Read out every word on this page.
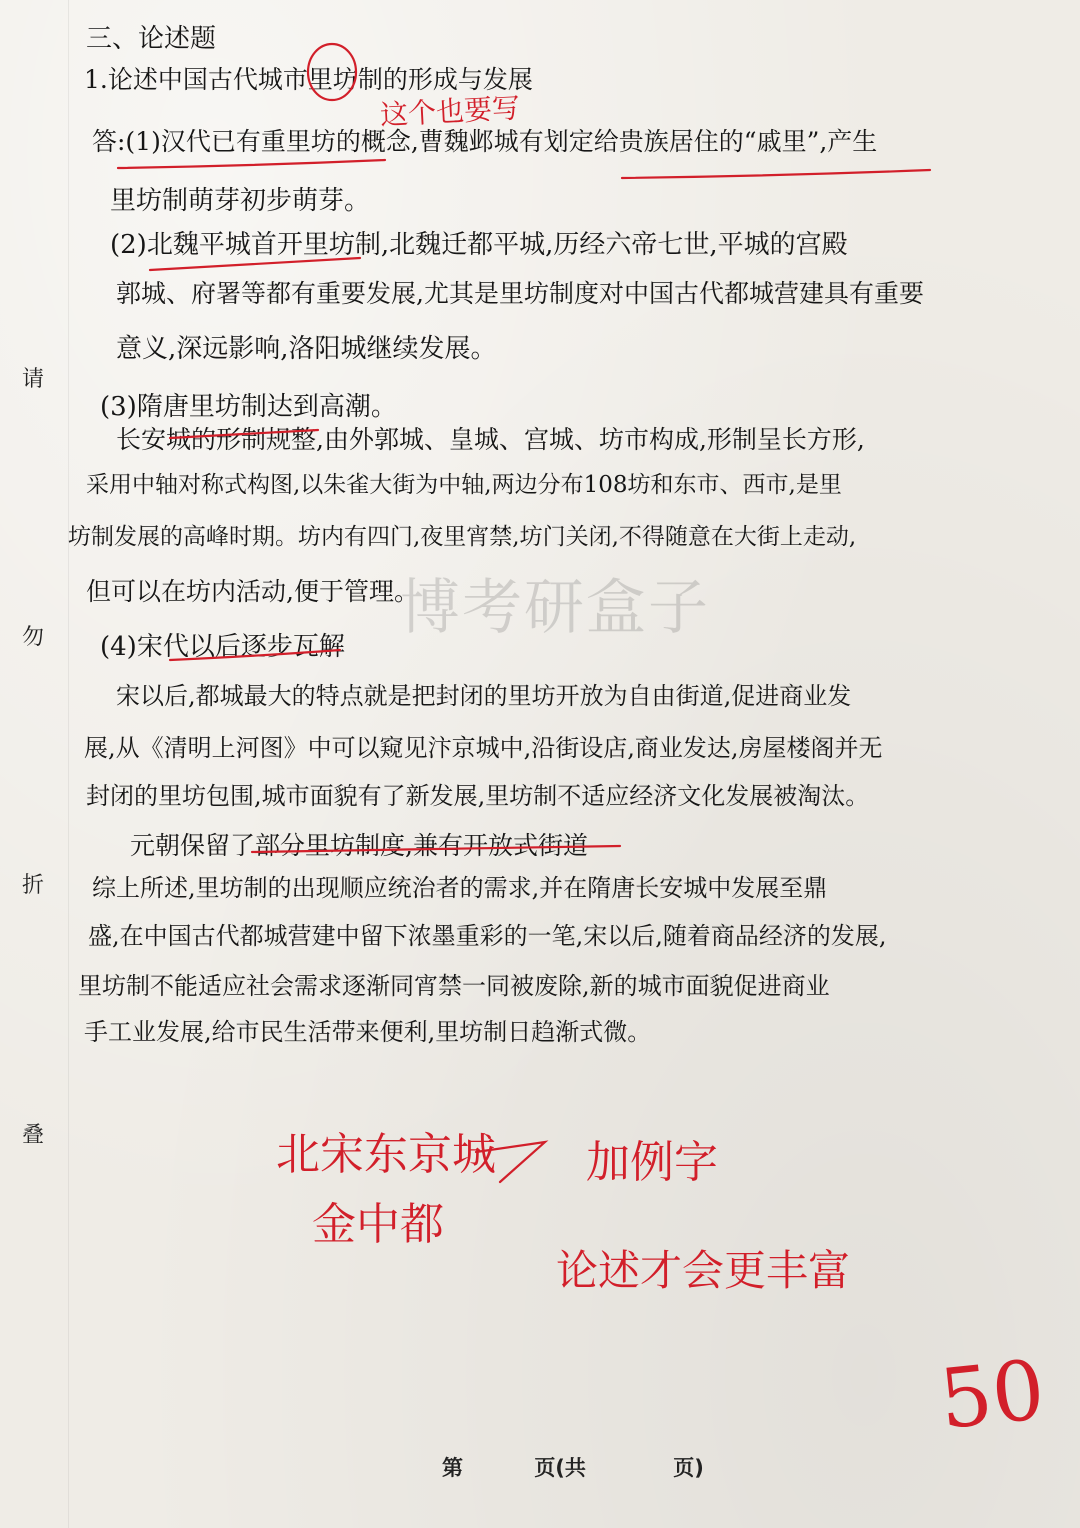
三、论述题
1.论述中国古代城市里坊制的形成与发展
这个也要写
答:(1)汉代已有重里坊的概念,曹魏邺城有划定给贵族居住的“戚里”,产生
里坊制萌芽初步萌芽。
(2)北魏平城首开里坊制,北魏迁都平城,历经六帝七世,平城的宫殿
郭城、府署等都有重要发展,尤其是里坊制度对中国古代都城营建具有重要
意义,深远影响,洛阳城继续发展。
(3)隋唐里坊制达到高潮。
长安城的形制规整,由外郭城、皇城、宫城、坊市构成,形制呈长方形,
采用中轴对称式构图,以朱雀大街为中轴,两边分布108坊和东市、西市,是里
坊制发展的高峰时期。坊内有四门,夜里宵禁,坊门关闭,不得随意在大街上走动,
但可以在坊内活动,便于管理。
(4)宋代以后逐步瓦解
宋以后,都城最大的特点就是把封闭的里坊开放为自由街道,促进商业发
展,从《清明上河图》中可以窥见汴京城中,沿街设店,商业发达,房屋楼阁并无
封闭的里坊包围,城市面貌有了新发展,里坊制不适应经济文化发展被淘汰。
元朝保留了部分里坊制度,兼有开放式街道
综上所述,里坊制的出现顺应统治者的需求,并在隋唐长安城中发展至鼎
盛,在中国古代都城营建中留下浓墨重彩的一笔,宋以后,随着商品经济的发展,
里坊制不能适应社会需求逐渐同宵禁一同被废除,新的城市面貌促进商业
手工业发展,给市民生活带来便利,里坊制日趋渐式微。
北宋东京城 加例字
金中都
论述才会更丰富
50
请
勿
折
叠
博考研盒子
第	页(共	页)
